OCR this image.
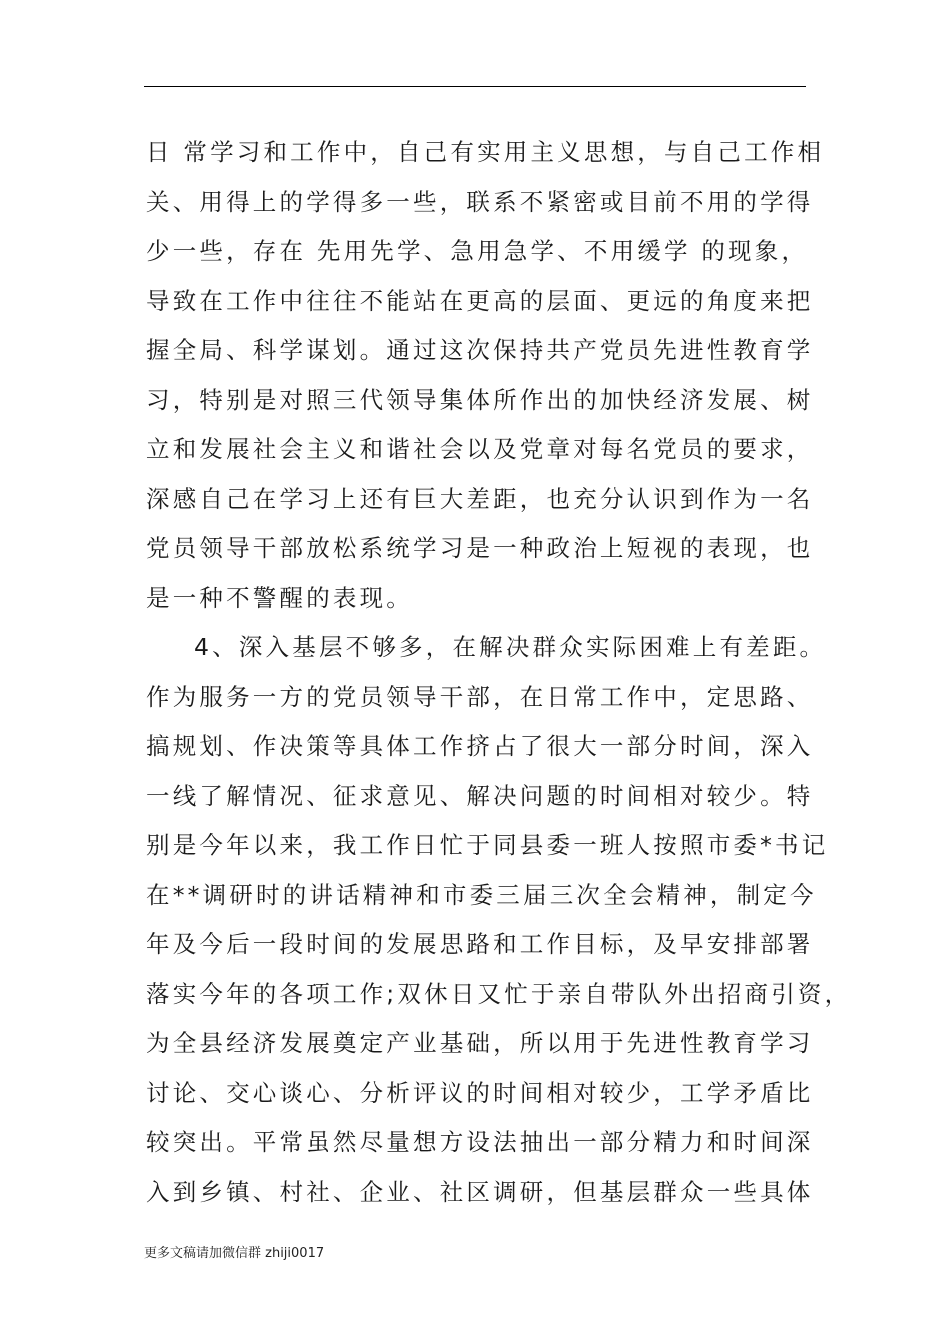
日 常学习和工作中，自己有实用主义思想，与自己工作相
关、用得上的学得多一些，联系不紧密或目前不用的学得
少一些，存在 先用先学、急用急学、不用缓学 的现象，
导致在工作中往往不能站在更高的层面、更远的角度来把
握全局、科学谋划。通过这次保持共产党员先进性教育学
习，特别是对照三代领导集体所作出的加快经济发展、树
立和发展社会主义和谐社会以及党章对每名党员的要求，
深感自己在学习上还有巨大差距，也充分认识到作为一名
党员领导干部放松系统学习是一种政治上短视的表现，也
是一种不警醒的表现。
4、深入基层不够多，在解决群众实际困难上有差距。
作为服务一方的党员领导干部，在日常工作中，定思路、
搞规划、作决策等具体工作挤占了很大一部分时间，深入
一线了解情况、征求意见、解决问题的时间相对较少。特
别是今年以来，我工作日忙于同县委一班人按照市委*书记
在**调研时的讲话精神和市委三届三次全会精神，制定今
年及今后一段时间的发展思路和工作目标，及早安排部署
落实今年的各项工作;双休日又忙于亲自带队外出招商引资，
为全县经济发展奠定产业基础，所以用于先进性教育学习
讨论、交心谈心、分析评议的时间相对较少，工学矛盾比
较突出。平常虽然尽量想方设法抽出一部分精力和时间深
入到乡镇、村社、企业、社区调研，但基层群众一些具体
更多文稿请加微信群 zhiji0017
